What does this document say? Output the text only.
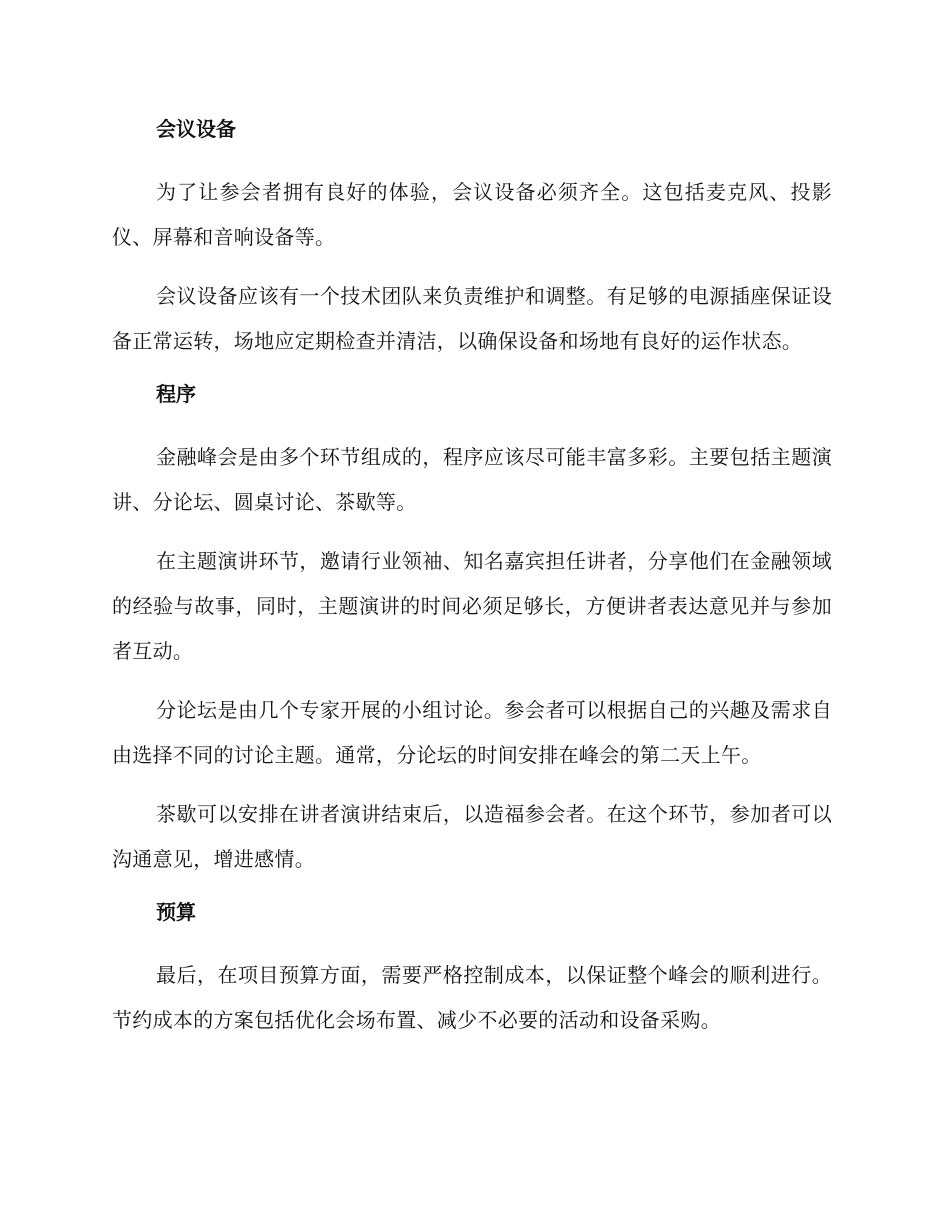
会议设备

为了让参会者拥有良好的体验，会议设备必须齐全。这包括麦克风、投影仪、屏幕和音响设备等。

会议设备应该有一个技术团队来负责维护和调整。有足够的电源插座保证设备正常运转，场地应定期检查并清洁，以确保设备和场地有良好的运作状态。

程序

金融峰会是由多个环节组成的，程序应该尽可能丰富多彩。主要包括主题演讲、分论坛、圆桌讨论、茶歇等。

在主题演讲环节，邀请行业领袖、知名嘉宾担任讲者，分享他们在金融领域的经验与故事，同时，主题演讲的时间必须足够长，方便讲者表达意见并与参加者互动。

分论坛是由几个专家开展的小组讨论。参会者可以根据自己的兴趣及需求自由选择不同的讨论主题。通常，分论坛的时间安排在峰会的第二天上午。

茶歇可以安排在讲者演讲结束后，以造福参会者。在这个环节，参加者可以沟通意见，增进感情。

预算

最后，在项目预算方面，需要严格控制成本，以保证整个峰会的顺利进行。节约成本的方案包括优化会场布置、减少不必要的活动和设备采购。
